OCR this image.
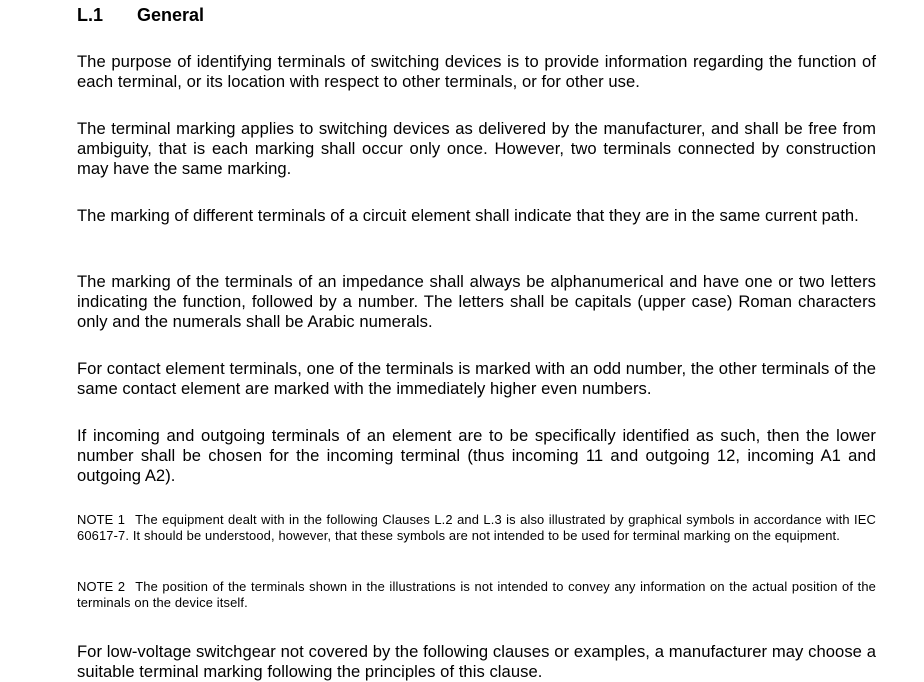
L.1 General

The purpose of identifying terminals of switching devices is to provide information regarding the function of each terminal, or its location with respect to other terminals, or for other use.

The terminal marking applies to switching devices as delivered by the manufacturer, and shall be free from ambiguity, that is each marking shall occur only once. However, two terminals connected by construction may have the same marking.

The marking of different terminals of a circuit element shall indicate that they are in the same current path.

The marking of the terminals of an impedance shall always be alphanumerical and have one or two letters indicating the function, followed by a number. The letters shall be capitals (upper case) Roman characters only and the numerals shall be Arabic numerals.

For contact element terminals, one of the terminals is marked with an odd number, the other terminals of the same contact element are marked with the immediately higher even numbers.

If incoming and outgoing terminals of an element are to be specifically identified as such, then the lower number shall be chosen for the incoming terminal (thus incoming 11 and outgoing 12, incoming A1 and outgoing A2).

NOTE 1 The equipment dealt with in the following Clauses L.2 and L.3 is also illustrated by graphical symbols in accordance with IEC 60617-7. It should be understood, however, that these symbols are not intended to be used for terminal marking on the equipment.

NOTE 2 The position of the terminals shown in the illustrations is not intended to convey any information on the actual position of the terminals on the device itself.

For low-voltage switchgear not covered by the following clauses or examples, a manufacturer may choose a suitable terminal marking following the principles of this clause.
